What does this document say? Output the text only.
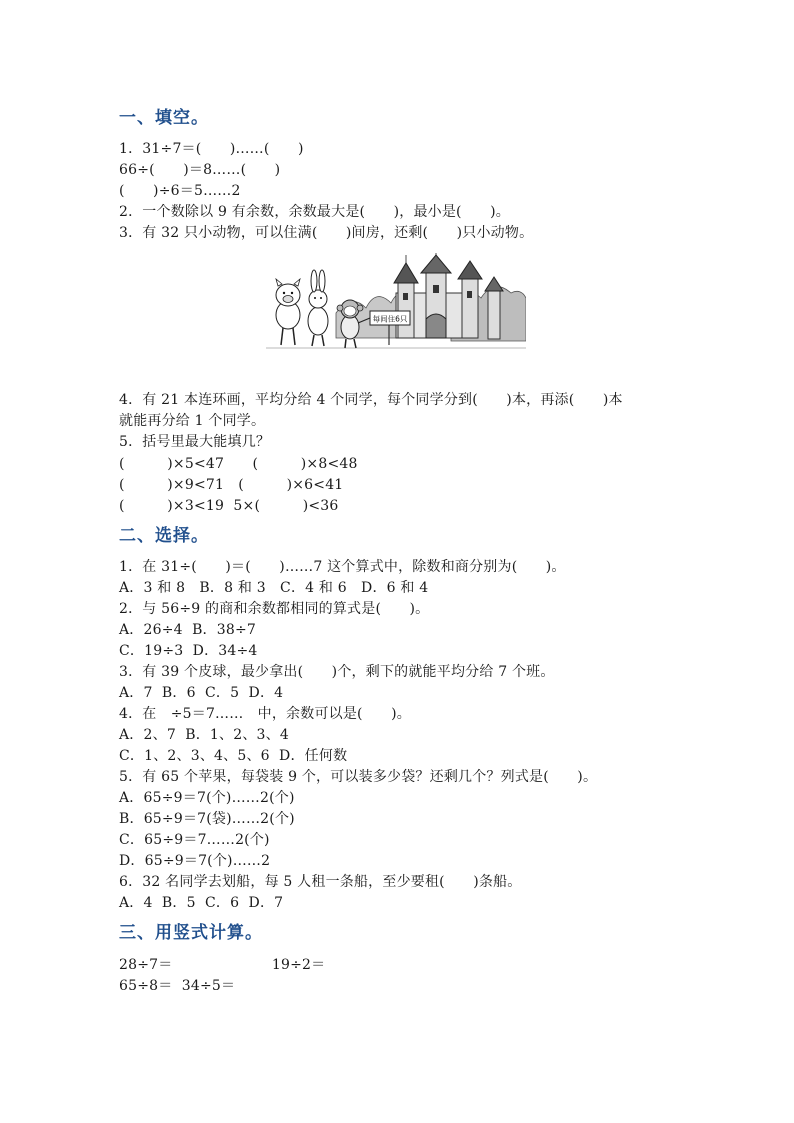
一、填空。
1．31÷7＝(　　)……(　　)
66÷(　　)＝8……(　　)
(　　)÷6＝5……2
2．一个数除以 9 有余数，余数最大是(　　)，最小是(　　)。
3．有 32 只小动物，可以住满(　　)间房，还剩(　　)只小动物。
每间住6只
4．有 21 本连环画，平均分给 4 个同学，每个同学分到(　　)本，再添(　　)本
就能再分给 1 个同学。
5．括号里最大能填几？
(　　　)×5<47　　(　　　)×8<48
(　　　)×9<71　(　　　)×6<41
(　　　)×3<19  5×(　　　)<36
二、选择。
1．在 31÷(　　)＝(　　)……7 这个算式中，除数和商分别为(　　)。
A．3 和 8　B．8 和 3　C．4 和 6　D．6 和 4
2．与 56÷9 的商和余数都相同的算式是(　　)。
A．26÷4  B．38÷7
C．19÷3  D．34÷4
3．有 39 个皮球，最少拿出(　　)个，剩下的就能平均分给 7 个班。
A．7  B．6  C．5  D．4
4．在　÷5＝7……　中，余数可以是(　　)。
A．2、7  B．1、2、3、4
C．1、2、3、4、5、6  D．任何数
5．有 65 个苹果，每袋装 9 个，可以装多少袋？还剩几个？列式是(　　)。
A．65÷9＝7(个)……2(个)
B．65÷9＝7(袋)……2(个)
C．65÷9＝7……2(个)
D．65÷9＝7(个)……2
6．32 名同学去划船，每 5 人租一条船，至少要租(　　)条船。
A．4  B．5  C．6  D．7
三、用竖式计算。
28÷7＝　　　　　　　19÷2＝
65÷8＝  34÷5＝
